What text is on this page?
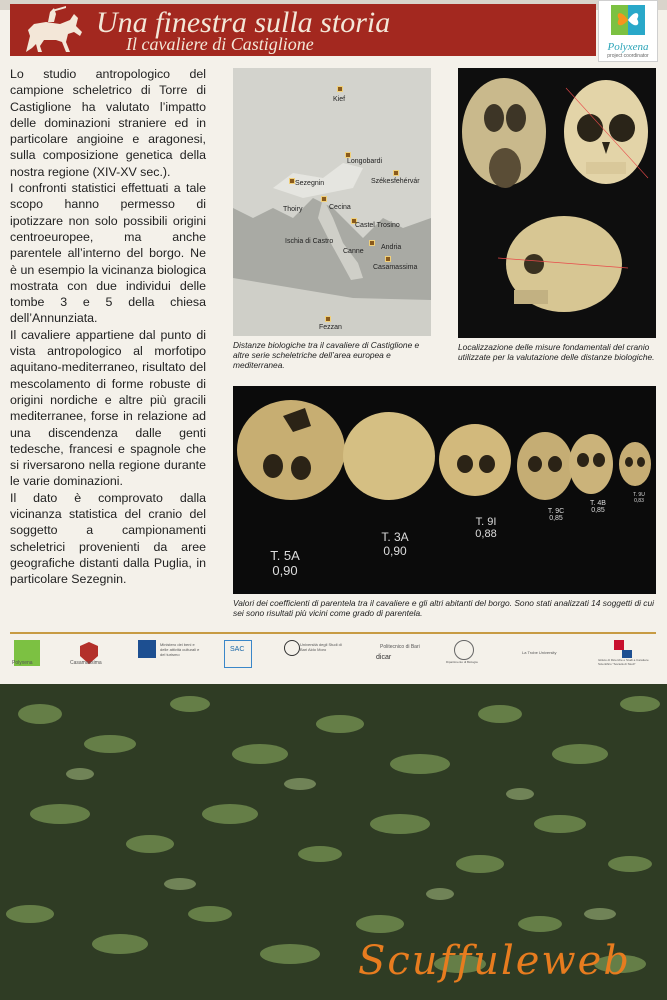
Una finestra sulla storia
Il cavaliere di Castiglione	Polyxena
project coordinator

Lo studio antropologico del campione scheletrico di Torre di Castiglione ha valutato l’impatto delle dominazioni straniere ed in particolare angioine e aragonesi, sulla composizione genetica della nostra regione (XIV-XV sec.).

I confronti statistici effettuati a tale scopo hanno permesso di ipotizzare non solo possibili origini centroeuropee, ma anche parentele all’interno del borgo. Ne è un esempio la vicinanza biologica mostrata con due individui delle tombe 3 e 5 della chiesa dell’Annunziata.

Il cavaliere appartiene dal punto di vista antropologico al morfotipo aquitano-mediterraneo, risultato del mescolamento di forme robuste di origini nordiche e altre più gracili mediterranee, forse in relazione ad una discendenza dalle genti tedesche, francesi e spagnole che si riversarono nella regione durante le varie dominazioni.

Il dato è comprovato dalla vicinanza statistica del cranio del soggetto a campionamenti scheletrici provenienti da aree geografiche distanti dalla Puglia, in particolare Sezegnin.

Kief
Longobardi
Székesfehérvár
Sezegnin
Thoiry	Cecina
Ischia di Castro
Castel Trosino
Canne
Andria
Casamassima
Fezzan
Distanze biologiche tra il cavaliere di Castiglione e altre serie scheletriche dell’area europea e mediterranea.
Localizzazione delle misure fondamentali del cranio utilizzate per la valutazione delle distanze biologiche.
T. 5A
0,90
T. 3A
0,90
T. 9I
0,88
T. 9C
0,85
T. 4B
0,85
T. 9U
0,83
Valori dei coefficienti di parentela tra il cavaliere e gli altri abitanti del borgo. Sono stati analizzati 14 soggetti di cui sei sono risultati più vicini come grado di parentela.
Polyxena	Casamassima
Ministero dei beni e delle attività culturali e del turismo
SAC
Università degli Studi di Bari Aldo Moro	Politecnico di Bari
dicar
Dipartimento di Biologia
La Trobe University
Istituto di Ricerche e Studi a Carattere Scientifico "Società di Studi"
Scuffuleweb
